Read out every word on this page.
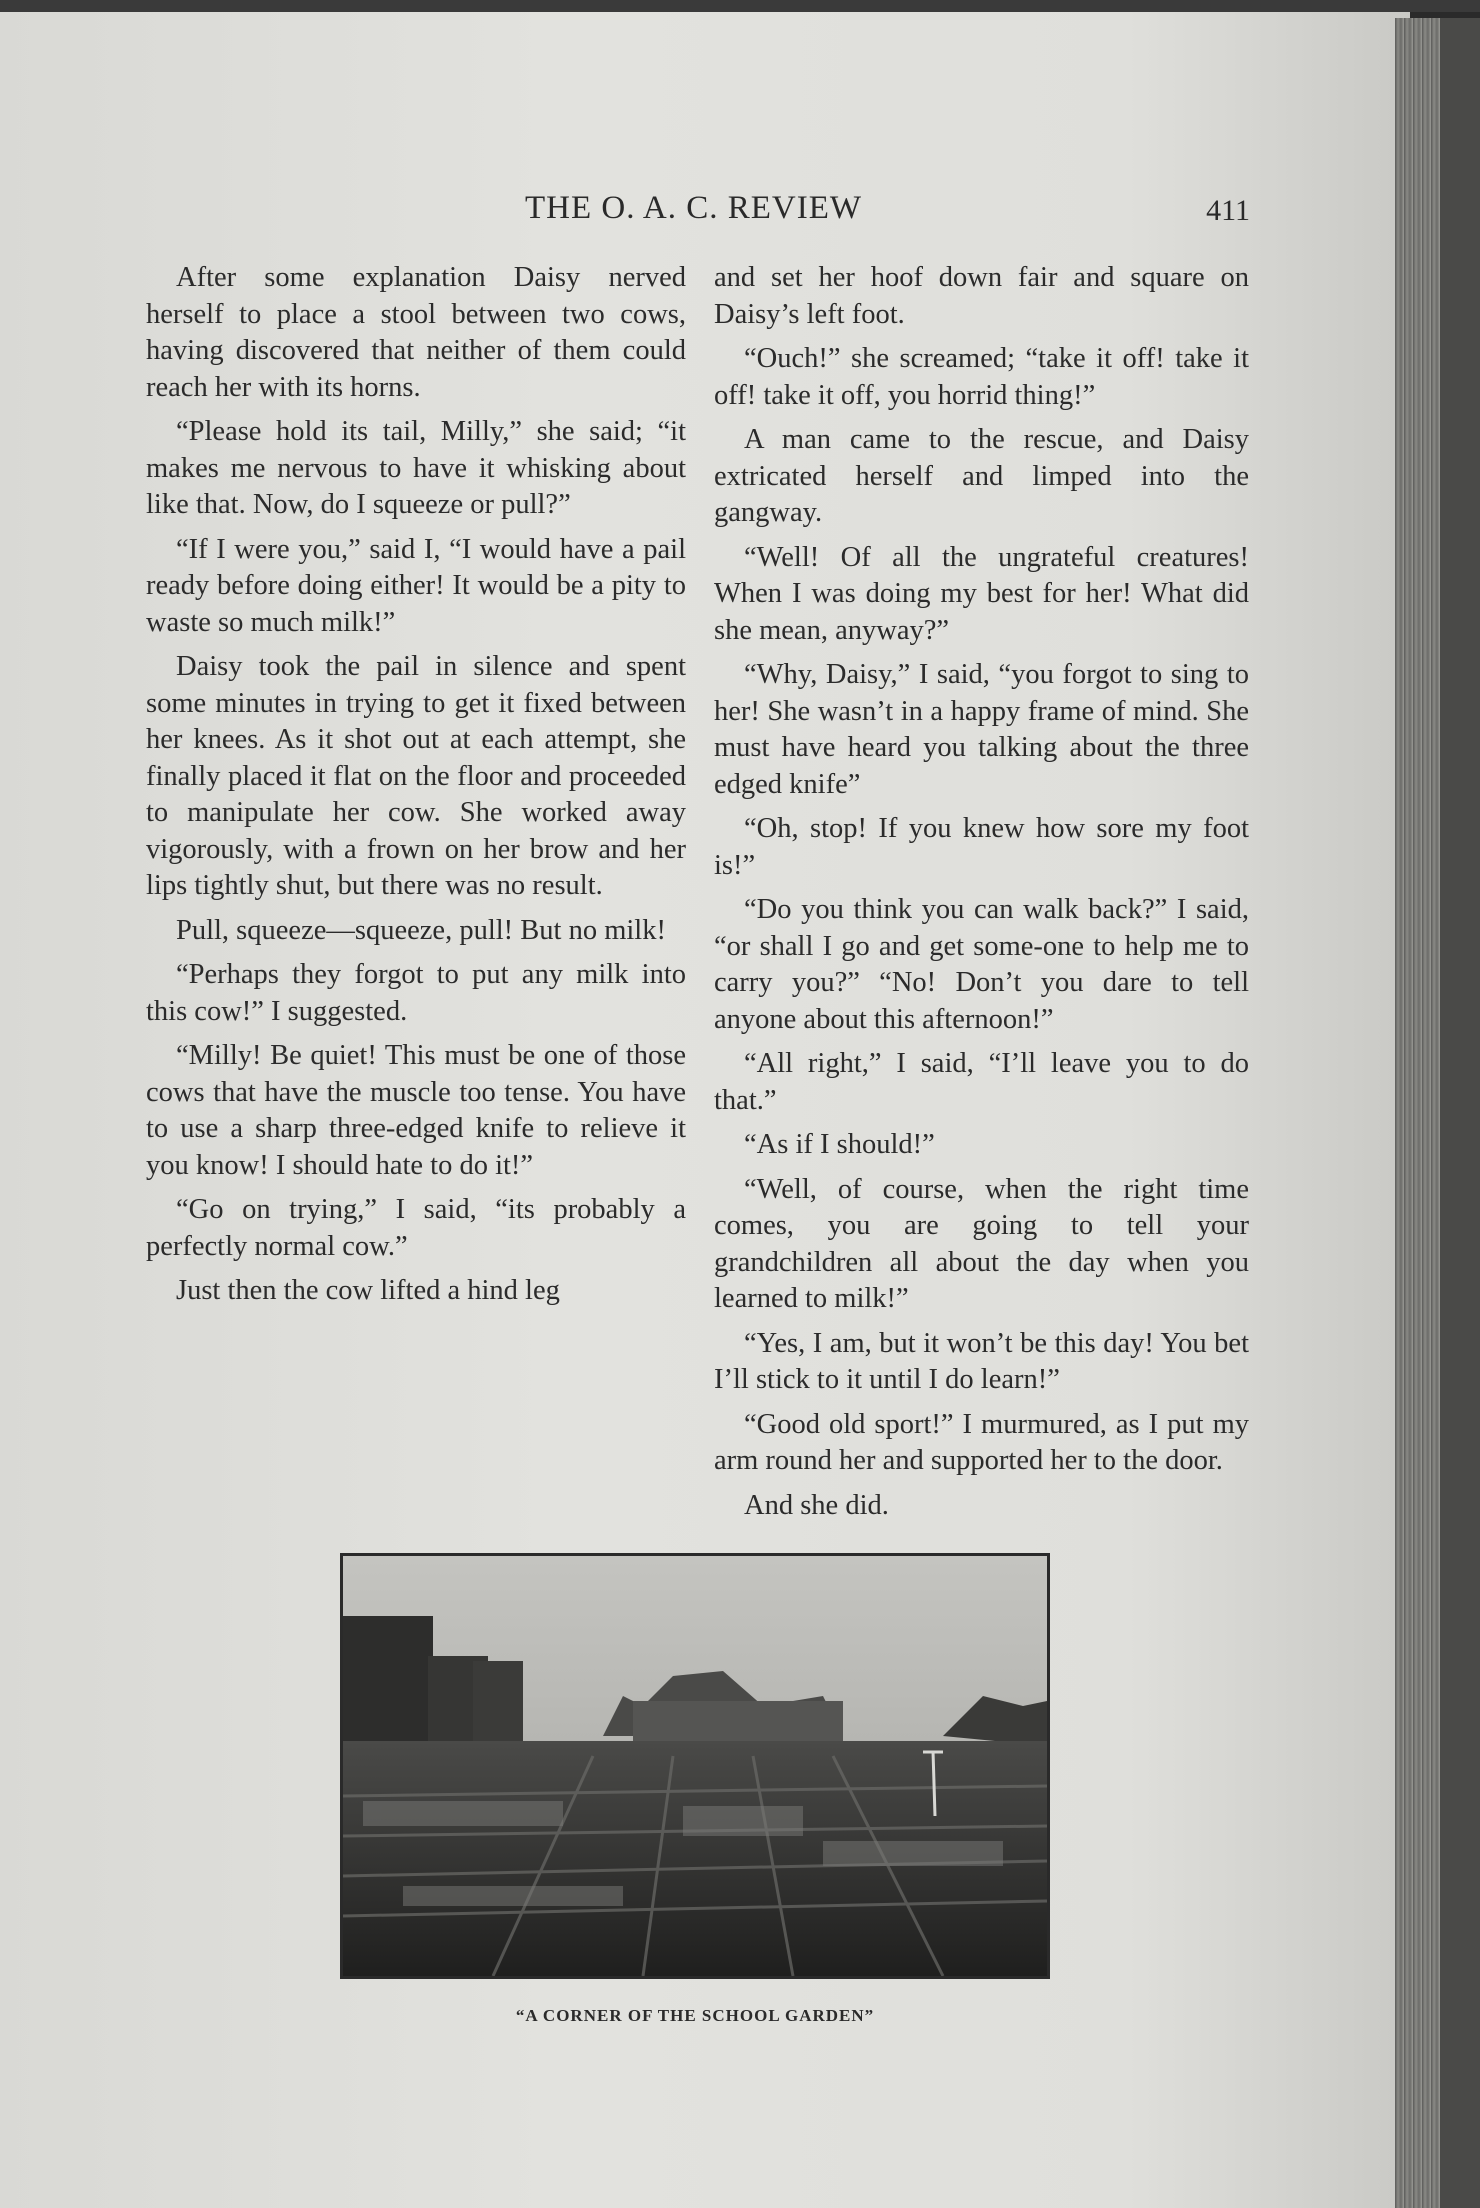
THE O. A. C. REVIEW	411

After some explanation Daisy nerved herself to place a stool between two cows, having discovered that neither of them could reach her with its horns.

“Please hold its tail, Milly,” she said; “it makes me nervous to have it whisking about like that. Now, do I squeeze or pull?”

“If I were you,” said I, “I would have a pail ready before doing either! It would be a pity to waste so much milk!”

Daisy took the pail in silence and spent some minutes in trying to get it fixed between her knees. As it shot out at each attempt, she finally placed it flat on the floor and proceeded to manipulate her cow. She worked away vigorously, with a frown on her brow and her lips tightly shut, but there was no result.

Pull, squeeze—squeeze, pull! But no milk!

“Perhaps they forgot to put any milk into this cow!” I suggested.

“Milly! Be quiet! This must be one of those cows that have the muscle too tense. You have to use a sharp three-edged knife to relieve it you know! I should hate to do it!”

“Go on trying,” I said, “its probably a perfectly normal cow.”

Just then the cow lifted a hind leg

and set her hoof down fair and square on Daisy’s left foot.

“Ouch!” she screamed; “take it off! take it off! take it off, you horrid thing!”

A man came to the rescue, and Daisy extricated herself and limped into the gangway.

“Well! Of all the ungrateful creatures! When I was doing my best for her! What did she mean, anyway?”

“Why, Daisy,” I said, “you forgot to sing to her! She wasn’t in a happy frame of mind. She must have heard you talking about the three edged knife”

“Oh, stop! If you knew how sore my foot is!”

“Do you think you can walk back?” I said, “or shall I go and get some-one to help me to carry you?” “No! Don’t you dare to tell anyone about this afternoon!”

“All right,” I said, “I’ll leave you to do that.”

“As if I should!”

“Well, of course, when the right time comes, you are going to tell your grandchildren all about the day when you learned to milk!”

“Yes, I am, but it won’t be this day! You bet I’ll stick to it until I do learn!”

“Good old sport!” I murmured, as I put my arm round her and supported her to the door.

And she did.

“A CORNER OF THE SCHOOL GARDEN”
